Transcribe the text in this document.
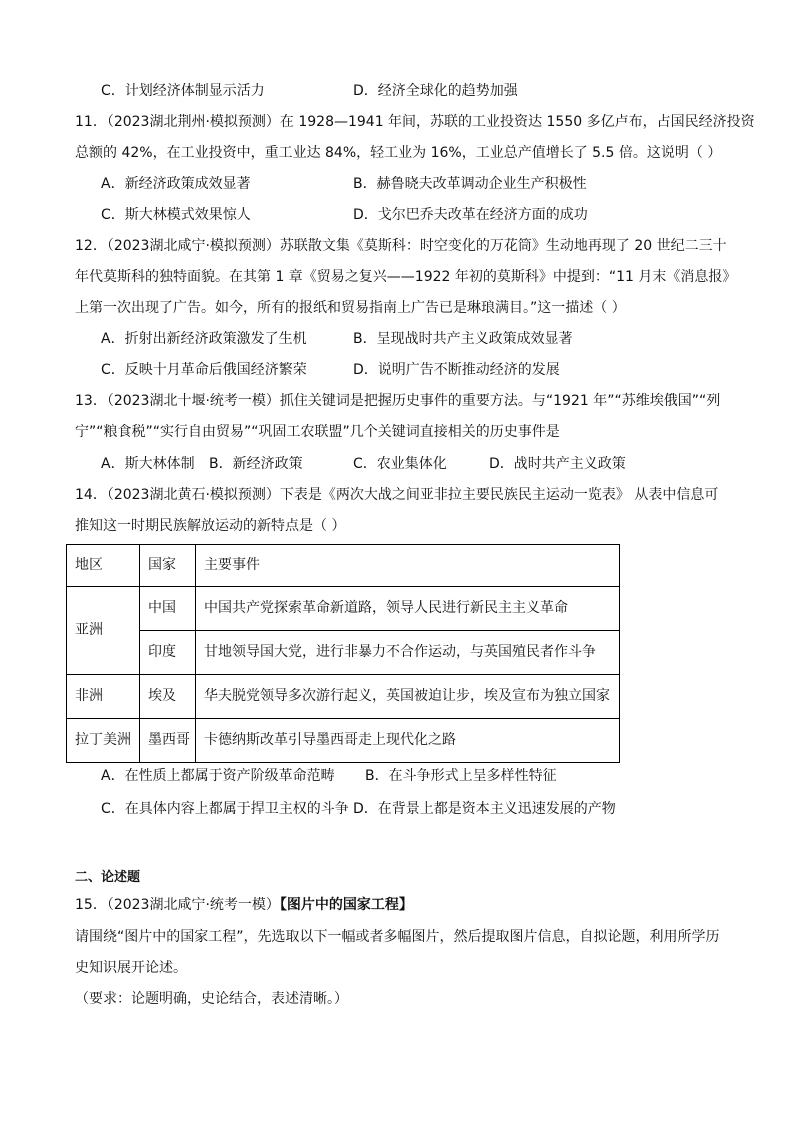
C．计划经济体制显示活力	D．经济全球化的趋势加强
11．（2023湖北荆州·模拟预测）在 1928—1941 年间，苏联的工业投资达 1550 多亿卢布，占国民经济投资
总额的 42%，在工业投资中，重工业达 84%，轻工业为 16%，工业总产值增长了 5.5 倍。这说明（ ）
A．新经济政策成效显著	B．赫鲁晓夫改革调动企业生产积极性
C．斯大林模式效果惊人	D．戈尔巴乔夫改革在经济方面的成功
12．（2023湖北咸宁·模拟预测）苏联散文集《莫斯科：时空变化的万花筒》生动地再现了 20 世纪二三十
年代莫斯科的独特面貌。在其第 1 章《贸易之复兴——1922 年初的莫斯科》中提到：“11 月末《消息报》
上第一次出现了广告。如今，所有的报纸和贸易指南上广告已是琳琅满目。”这一描述（ ）
A．折射出新经济政策激发了生机	B．呈现战时共产主义政策成效显著
C．反映十月革命后俄国经济繁荣	D．说明广告不断推动经济的发展
13．（2023湖北十堰·统考一模）抓住关键词是把握历史事件的重要方法。与“1921 年”“苏维埃俄国”“列
宁”“粮食税”“实行自由贸易”“巩固工农联盟”几个关键词直接相关的历史事件是
A．斯大林体制 B．新经济政策	C．农业集体化	D．战时共产主义政策
14．（2023湖北黄石·模拟预测）下表是《两次大战之间亚非拉主要民族民主运动一览表》 从表中信息可
推知这一时期民族解放运动的新特点是（ ）
地区	国家	主要事件
亚洲	中国	中国共产党探索革命新道路，领导人民进行新民主主义革命
	印度	甘地领导国大党，进行非暴力不合作运动，与英国殖民者作斗争
非洲	埃及	华夫脱党领导多次游行起义，英国被迫让步，埃及宣布为独立国家
拉丁美洲	墨西哥	卡德纳斯改革引导墨西哥走上现代化之路
A．在性质上都属于资产阶级革命范畴 B．在斗争形式上呈多样性特征
C．在具体内容上都属于捍卫主权的斗争 D．在背景上都是资本主义迅速发展的产物
二、论述题
15．（2023湖北咸宁·统考一模）【图片中的国家工程】
请围绕“图片中的国家工程”，先选取以下一幅或者多幅图片，然后提取图片信息，自拟论题，利用所学历
史知识展开论述。
（要求：论题明确，史论结合，表述清晰。）
